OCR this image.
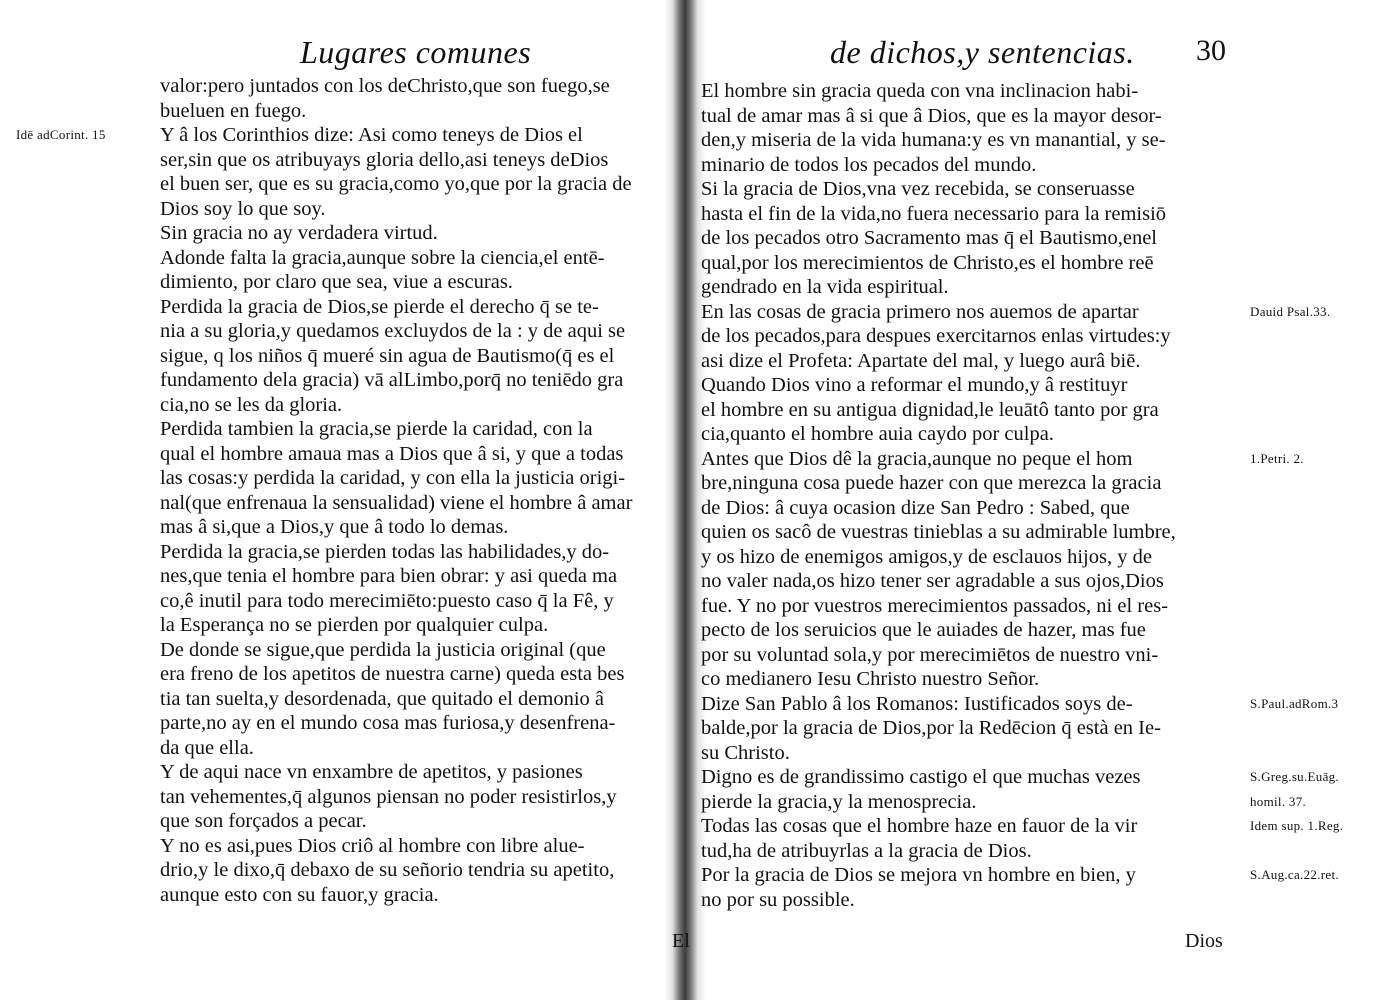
Lugares comunes
valor:pero juntados con los deChristo,que son fuego,se
bueluen en fuego.
Y â los Corinthios dize: Asi como teneys de Dios el
ser,sin que os atribuyays gloria dello,asi teneys deDios
el buen ser, que es su gracia,como yo,que por la gracia de
Dios soy lo que soy.
Sin gracia no ay verdadera virtud.
Adonde falta la gracia,aunque sobre la ciencia,el entē-
dimiento, por claro que sea, viue a escuras.
Perdida la gracia de Dios,se pierde el derecho q̄ se te-
nia a su gloria,y quedamos excluydos de la : y de aqui se
sigue, q los niños q̄ mueré sin agua de Bautismo(q̄ es el
fundamento dela gracia) vā alLimbo,porq̄ no teniēdo gra
cia,no se les da gloria.
Perdida tambien la gracia,se pierde la caridad, con la
qual el hombre amaua mas a Dios que â si, y que a todas
las cosas:y perdida la caridad, y con ella la justicia origi-
nal(que enfrenaua la sensualidad) viene el hombre â amar
mas â si,que a Dios,y que â todo lo demas.
Perdida la gracia,se pierden todas las habilidades,y do-
nes,que tenia el hombre para bien obrar: y asi queda ma
co,ê inutil para todo merecimiēto:puesto caso q̄ la Fê, y
la Esperança no se pierden por qualquier culpa.
De donde se sigue,que perdida la justicia original (que
era freno de los apetitos de nuestra carne) queda esta bes
tia tan suelta,y desordenada, que quitado el demonio â
parte,no ay en el mundo cosa mas furiosa,y desenfrena-
da que ella.
Y de aqui nace vn enxambre de apetitos, y pasiones
tan vehementes,q̄ algunos piensan no poder resistirlos,y
que son forçados a pecar.
Y no es asi,pues Dios criô al hombre con libre alue-
drio,y le dixo,q̄ debaxo de su señorio tendria su apetito,
aunque esto con su fauor,y gracia.
Idē adCorint. 15
El
de dichos,y sentencias. 30
El hombre sin gracia queda con vna inclinacion habi-
tual de amar mas â si que â Dios, que es la mayor desor-
den,y miseria de la vida humana:y es vn manantial, y se-
minario de todos los pecados del mundo.
Si la gracia de Dios,vna vez recebida, se conseruasse
hasta el fin de la vida,no fuera necessario para la remisiō
de los pecados otro Sacramento mas q̄ el Bautismo,enel
qual,por los merecimientos de Christo,es el hombre reē
gendrado en la vida espiritual.
En las cosas de gracia primero nos auemos de apartar
de los pecados,para despues exercitarnos enlas virtudes:y
asi dize el Profeta: Apartate del mal, y luego aurâ biē.
Quando Dios vino a reformar el mundo,y â restituyr
el hombre en su antigua dignidad,le leuātô tanto por gra
cia,quanto el hombre auia caydo por culpa.
Antes que Dios dê la gracia,aunque no peque el hom
bre,ninguna cosa puede hazer con que merezca la gracia
de Dios: â cuya ocasion dize San Pedro : Sabed, que
quien os sacô de vuestras tinieblas a su admirable lumbre,
y os hizo de enemigos amigos,y de esclauos hijos, y de
no valer nada,os hizo tener ser agradable a sus ojos,Dios
fue. Y no por vuestros merecimientos passados, ni el res-
pecto de los seruicios que le auiades de hazer, mas fue
por su voluntad sola,y por merecimiētos de nuestro vni-
co medianero Iesu Christo nuestro Señor.
Dize San Pablo â los Romanos: Iustificados soys de-
balde,por la gracia de Dios,por la Redēcion q̄ està en Ie-
su Christo.
Digno es de grandissimo castigo el que muchas vezes
pierde la gracia,y la menosprecia.
Todas las cosas que el hombre haze en fauor de la vir
tud,ha de atribuyrlas a la gracia de Dios.
Por la gracia de Dios se mejora vn hombre en bien, y
no por su possible.
Dauid Psal.33.
1.Petri. 2.
S.Paul.adRom.3
S.Greg.su.Euāg.
homil. 37.
Idem sup. 1.Reg.
S.Aug.ca.22.ret.
Dios
